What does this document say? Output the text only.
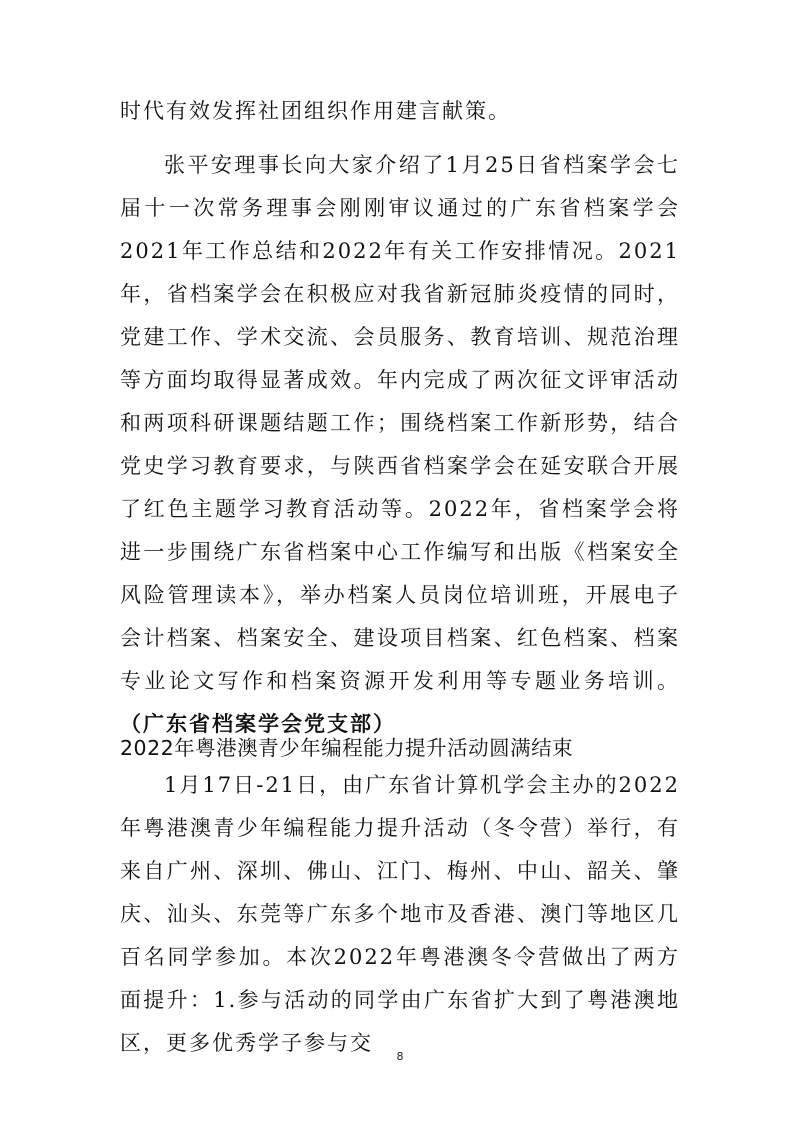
时代有效发挥社团组织作用建言献策。

张平安理事长向大家介绍了1月25日省档案学会七届十一次常务理事会刚刚审议通过的广东省档案学会2021年工作总结和2022年有关工作安排情况。2021年，省档案学会在积极应对我省新冠肺炎疫情的同时，党建工作、学术交流、会员服务、教育培训、规范治理等方面均取得显著成效。年内完成了两次征文评审活动和两项科研课题结题工作；围绕档案工作新形势，结合党史学习教育要求，与陕西省档案学会在延安联合开展了红色主题学习教育活动等。2022年，省档案学会将进一步围绕广东省档案中心工作编写和出版《档案安全风险管理读本》，举办档案人员岗位培训班，开展电子会计档案、档案安全、建设项目档案、红色档案、档案专业论文写作和档案资源开发利用等专题业务培训。（广东省档案学会党支部）

2022年粤港澳青少年编程能力提升活动圆满结束

1月17日-21日，由广东省计算机学会主办的2022年粤港澳青少年编程能力提升活动（冬令营）举行，有来自广州、深圳、佛山、江门、梅州、中山、韶关、肇庆、汕头、东莞等广东多个地市及香港、澳门等地区几百名同学参加。本次2022年粤港澳冬令营做出了两方面提升：1.参与活动的同学由广东省扩大到了粤港澳地区，更多优秀学子参与交

8
